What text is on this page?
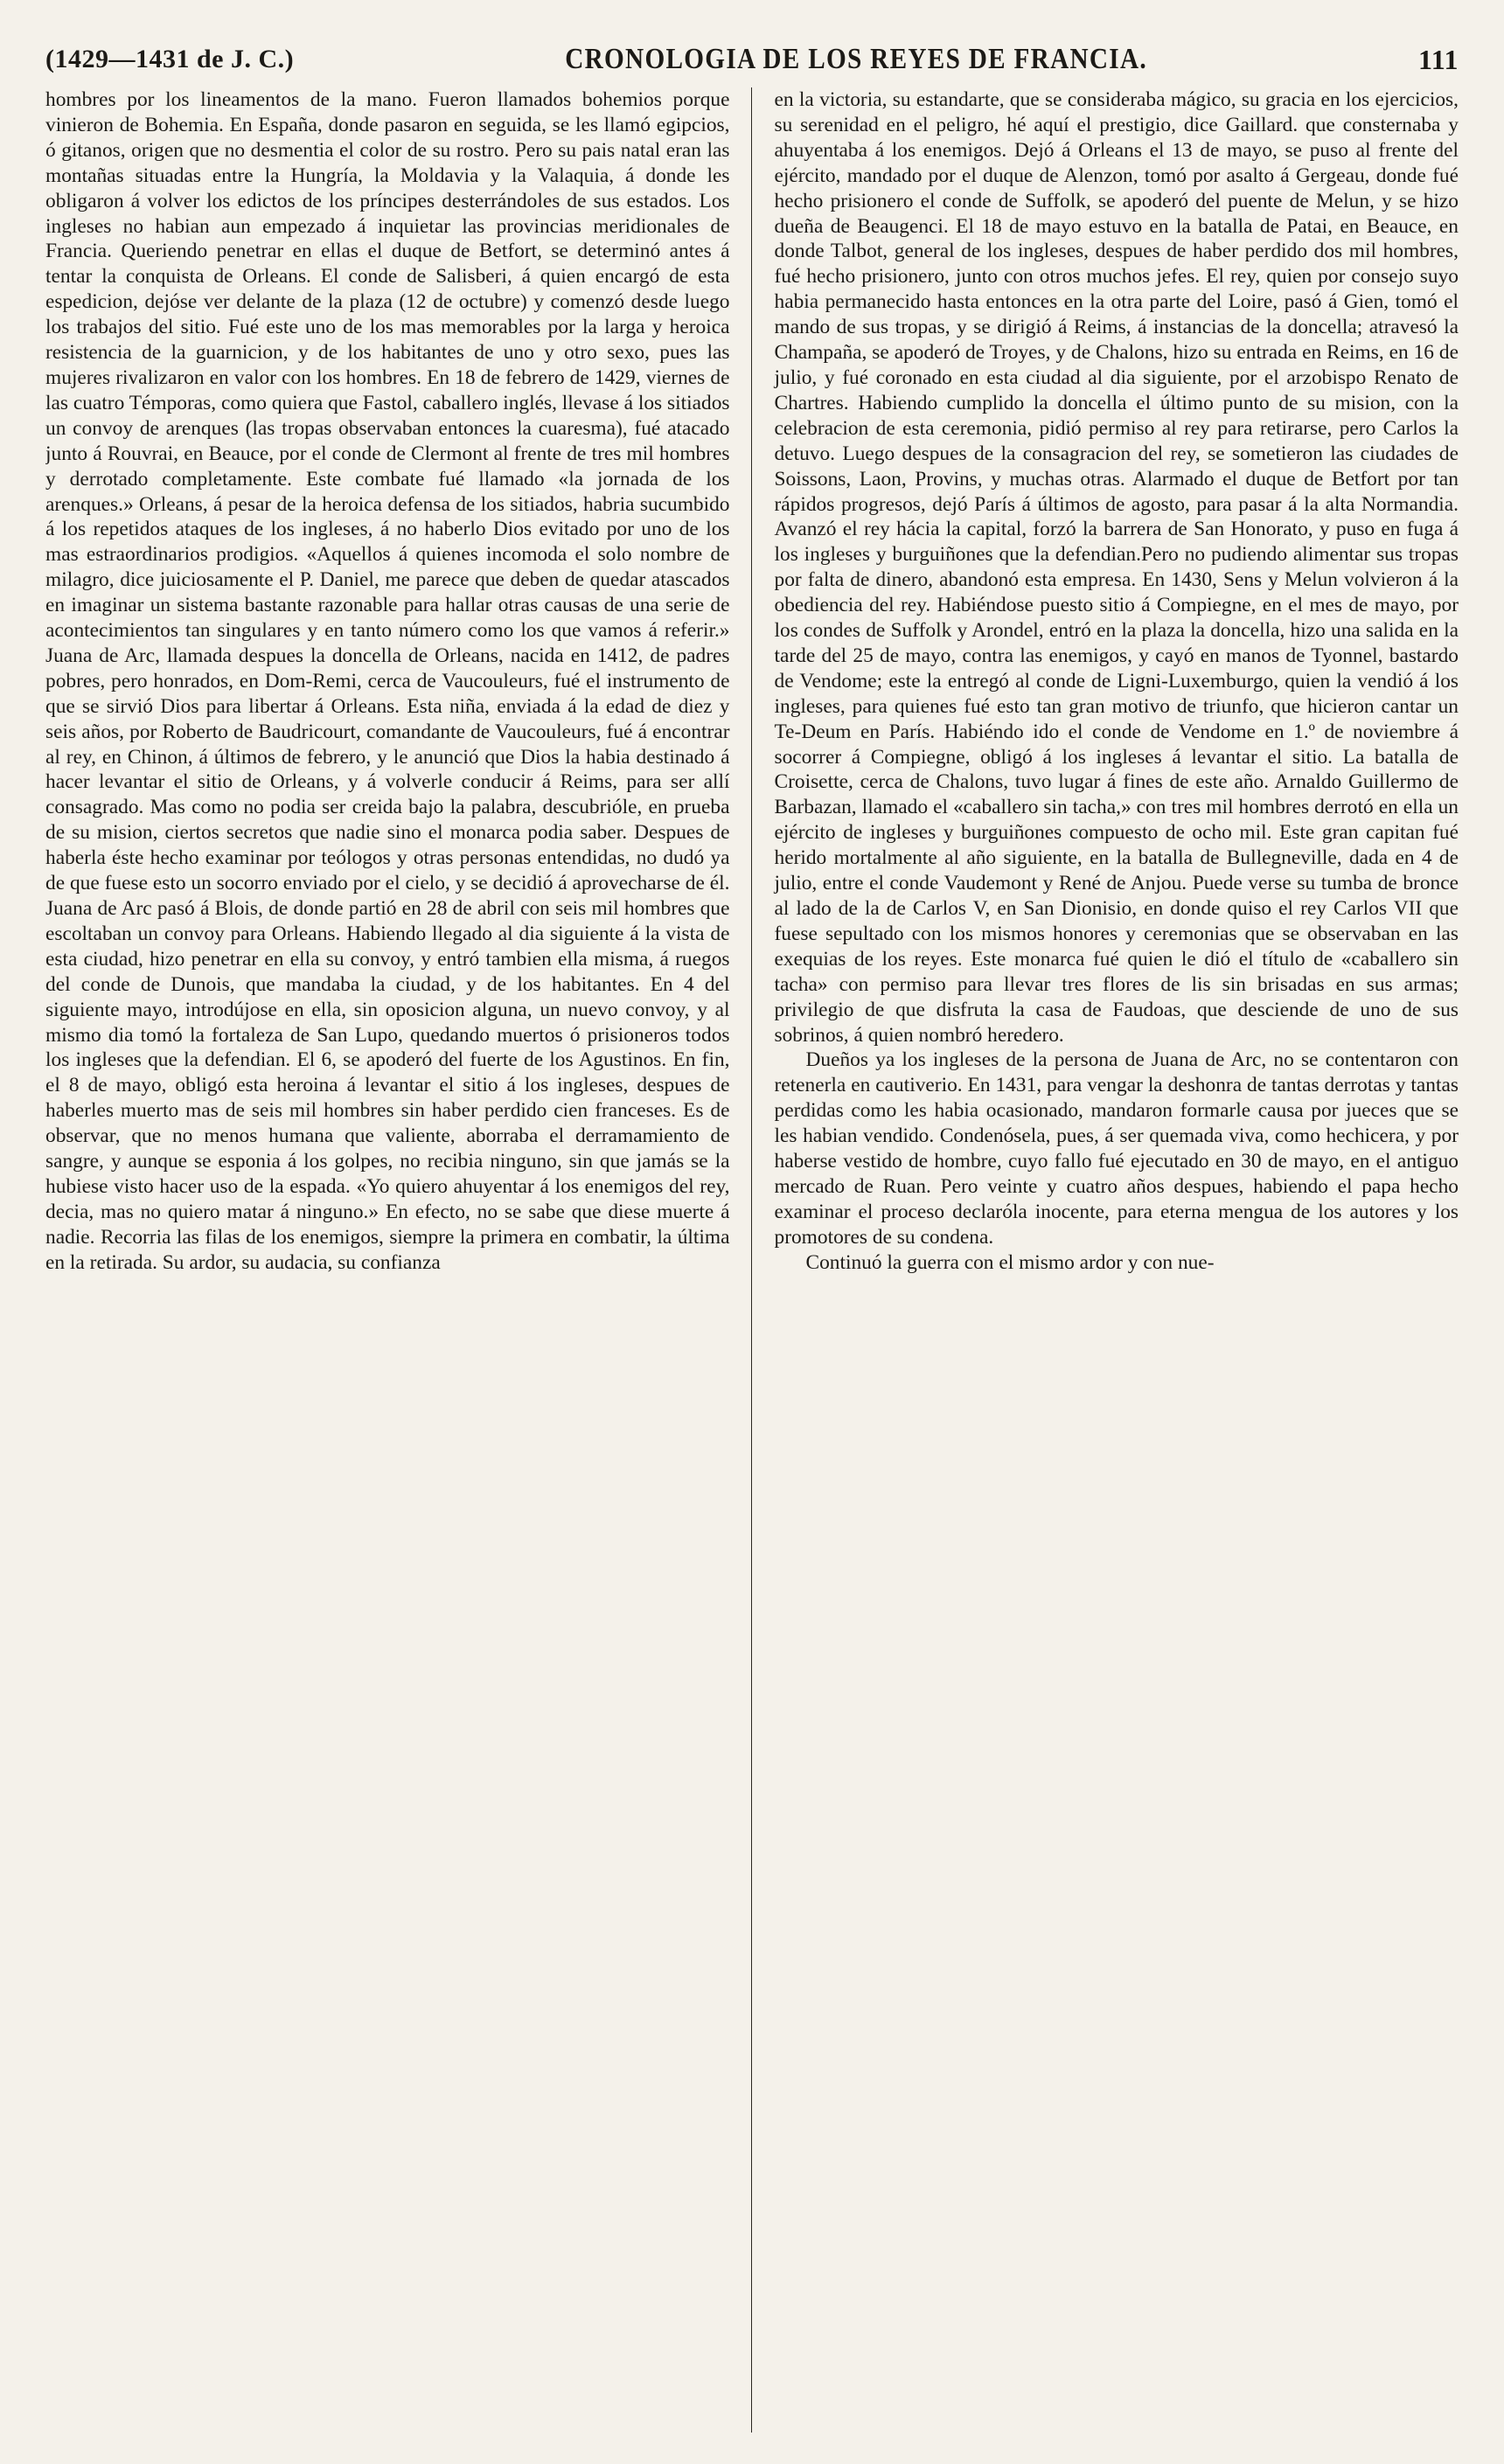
(1429—1431 de J. C.)	CRONOLOGIA DE LOS REYES DE FRANCIA.	111

hombres por los lineamentos de la mano. Fueron llamados bohemios porque vinieron de Bohemia. En España, donde pasaron en seguida, se les llamó egipcios, ó gitanos, origen que no desmentia el color de su rostro. Pero su pais natal eran las montañas situadas entre la Hungría, la Moldavia y la Valaquia, á donde les obligaron á volver los edictos de los príncipes desterrándoles de sus estados. Los ingleses no habian aun empezado á inquietar las provincias meridionales de Francia. Queriendo penetrar en ellas el duque de Betfort, se determinó antes á tentar la conquista de Orleans. El conde de Salisberi, á quien encargó de esta espedicion, dejóse ver delante de la plaza (12 de octubre) y comenzó desde luego los trabajos del sitio. Fué este uno de los mas memorables por la larga y heroica resistencia de la guarnicion, y de los habitantes de uno y otro sexo, pues las mujeres rivalizaron en valor con los hombres. En 18 de febrero de 1429, viernes de las cuatro Témporas, como quiera que Fastol, caballero inglés, llevase á los sitiados un convoy de arenques (las tropas observaban entonces la cuaresma), fué atacado junto á Rouvrai, en Beauce, por el conde de Clermont al frente de tres mil hombres y derrotado completamente. Este combate fué llamado «la jornada de los arenques.» Orleans, á pesar de la heroica defensa de los sitiados, habria sucumbido á los repetidos ataques de los ingleses, á no haberlo Dios evitado por uno de los mas estraordinarios prodigios. «Aquellos á quienes incomoda el solo nombre de milagro, dice juiciosamente el P. Daniel, me parece que deben de quedar atascados en imaginar un sistema bastante razonable para hallar otras causas de una serie de acontecimientos tan singulares y en tanto número como los que vamos á referir.» Juana de Arc, llamada despues la doncella de Orleans, nacida en 1412, de padres pobres, pero honrados, en Dom-Remi, cerca de Vaucouleurs, fué el instrumento de que se sirvió Dios para libertar á Orleans. Esta niña, enviada á la edad de diez y seis años, por Roberto de Baudricourt, comandante de Vaucouleurs, fué á encontrar al rey, en Chinon, á últimos de febrero, y le anunció que Dios la habia destinado á hacer levantar el sitio de Orleans, y á volverle conducir á Reims, para ser allí consagrado. Mas como no podia ser creida bajo la palabra, descubrióle, en prueba de su mision, ciertos secretos que nadie sino el monarca podia saber. Despues de haberla éste hecho examinar por teólogos y otras personas entendidas, no dudó ya de que fuese esto un socorro enviado por el cielo, y se decidió á aprovecharse de él. Juana de Arc pasó á Blois, de donde partió en 28 de abril con seis mil hombres que escoltaban un convoy para Orleans. Habiendo llegado al dia siguiente á la vista de esta ciudad, hizo penetrar en ella su convoy, y entró tambien ella misma, á ruegos del conde de Dunois, que mandaba la ciudad, y de los habitantes. En 4 del siguiente mayo, introdújose en ella, sin oposicion alguna, un nuevo convoy, y al mismo dia tomó la fortaleza de San Lupo, quedando muertos ó prisioneros todos los ingleses que la defendian. El 6, se apoderó del fuerte de los Agustinos. En fin, el 8 de mayo, obligó esta heroina á levantar el sitio á los ingleses, despues de haberles muerto mas de seis mil hombres sin haber perdido cien franceses. Es de observar, que no menos humana que valiente, aborraba el derramamiento de sangre, y aunque se esponia á los golpes, no recibia ninguno, sin que jamás se la hubiese visto hacer uso de la espada. «Yo quiero ahuyentar á los enemigos del rey, decia, mas no quiero matar á ninguno.» En efecto, no se sabe que diese muerte á nadie. Recorria las filas de los enemigos, siempre la primera en combatir, la última en la retirada. Su ardor, su audacia, su confianza

en la victoria, su estandarte, que se consideraba mágico, su gracia en los ejercicios, su serenidad en el peligro, hé aquí el prestigio, dice Gaillard. que consternaba y ahuyentaba á los enemigos. Dejó á Orleans el 13 de mayo, se puso al frente del ejército, mandado por el duque de Alenzon, tomó por asalto á Gergeau, donde fué hecho prisionero el conde de Suffolk, se apoderó del puente de Melun, y se hizo dueña de Beaugenci. El 18 de mayo estuvo en la batalla de Patai, en Beauce, en donde Talbot, general de los ingleses, despues de haber perdido dos mil hombres, fué hecho prisionero, junto con otros muchos jefes. El rey, quien por consejo suyo habia permanecido hasta entonces en la otra parte del Loire, pasó á Gien, tomó el mando de sus tropas, y se dirigió á Reims, á instancias de la doncella; atravesó la Champaña, se apoderó de Troyes, y de Chalons, hizo su entrada en Reims, en 16 de julio, y fué coronado en esta ciudad al dia siguiente, por el arzobispo Renato de Chartres. Habiendo cumplido la doncella el último punto de su mision, con la celebracion de esta ceremonia, pidió permiso al rey para retirarse, pero Carlos la detuvo. Luego despues de la consagracion del rey, se sometieron las ciudades de Soissons, Laon, Provins, y muchas otras. Alarmado el duque de Betfort por tan rápidos progresos, dejó París á últimos de agosto, para pasar á la alta Normandia. Avanzó el rey hácia la capital, forzó la barrera de San Honorato, y puso en fuga á los ingleses y burguiñones que la defendian.Pero no pudiendo alimentar sus tropas por falta de dinero, abandonó esta empresa. En 1430, Sens y Melun volvieron á la obediencia del rey. Habiéndose puesto sitio á Compiegne, en el mes de mayo, por los condes de Suffolk y Arondel, entró en la plaza la doncella, hizo una salida en la tarde del 25 de mayo, contra las enemigos, y cayó en manos de Tyonnel, bastardo de Vendome; este la entregó al conde de Ligni-Luxemburgo, quien la vendió á los ingleses, para quienes fué esto tan gran motivo de triunfo, que hicieron cantar un Te-Deum en París. Habiéndo ido el conde de Vendome en 1.º de noviembre á socorrer á Compiegne, obligó á los ingleses á levantar el sitio. La batalla de Croisette, cerca de Chalons, tuvo lugar á fines de este año. Arnaldo Guillermo de Barbazan, llamado el «caballero sin tacha,» con tres mil hombres derrotó en ella un ejército de ingleses y burguiñones compuesto de ocho mil. Este gran capitan fué herido mortalmente al año siguiente, en la batalla de Bullegneville, dada en 4 de julio, entre el conde Vaudemont y René de Anjou. Puede verse su tumba de bronce al lado de la de Carlos V, en San Dionisio, en donde quiso el rey Carlos VII que fuese sepultado con los mismos honores y ceremonias que se observaban en las exequias de los reyes. Este monarca fué quien le dió el título de «caballero sin tacha» con permiso para llevar tres flores de lis sin brisadas en sus armas; privilegio de que disfruta la casa de Faudoas, que desciende de uno de sus sobrinos, á quien nombró heredero.

Dueños ya los ingleses de la persona de Juana de Arc, no se contentaron con retenerla en cautiverio. En 1431, para vengar la deshonra de tantas derrotas y tantas perdidas como les habia ocasionado, mandaron formarle causa por jueces que se les habian vendido. Condenósela, pues, á ser quemada viva, como hechicera, y por haberse vestido de hombre, cuyo fallo fué ejecutado en 30 de mayo, en el antiguo mercado de Ruan. Pero veinte y cuatro años despues, habiendo el papa hecho examinar el proceso declaróla inocente, para eterna mengua de los autores y los promotores de su condena.

Continuó la guerra con el mismo ardor y con nue-
